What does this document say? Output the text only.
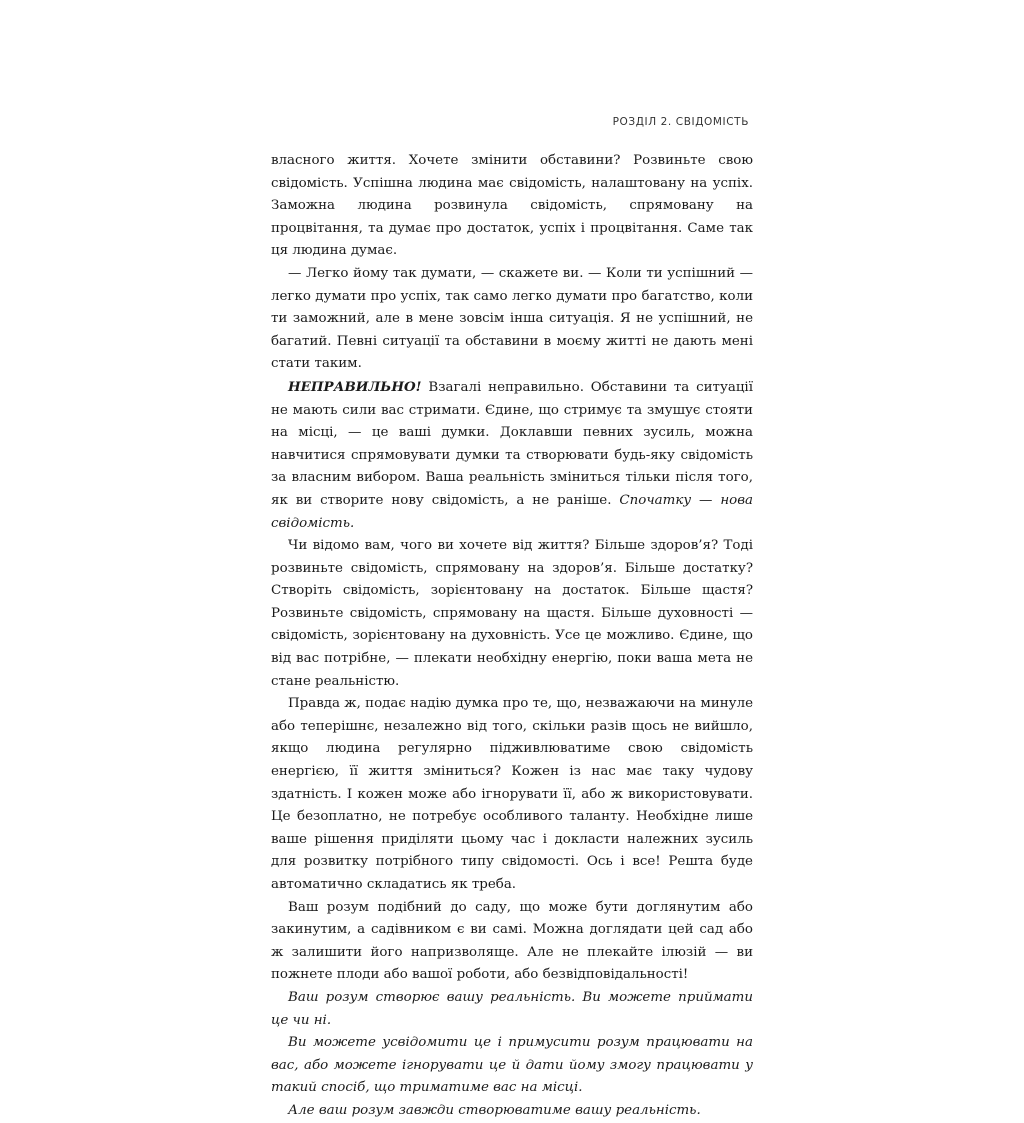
РОЗДІЛ 2. СВІДОМІСТЬ

власного життя. Хочете змінити обставини? Розвиньте свою свідомість. Успішна людина має свідомість, налаштовану на успіх. Заможна людина розвинула свідомість, спрямовану на процвітання, та думає про достаток, успіх і процвітання. Саме так ця людина думає.

— Легко йому так думати, — скажете ви. — Коли ти успішний — легко думати про успіх, так само легко думати про багатство, коли ти заможний, але в мене зовсім інша ситуація. Я не успішний, не багатий. Певні ситуації та обставини в моєму житті не дають мені стати таким.

НЕПРАВИЛЬНО! Взагалі неправильно. Обставини та ситуації не мають сили вас стримати. Єдине, що стримує та змушує стояти на місці, — це ваші думки. Доклавши певних зусиль, можна навчитися спрямовувати думки та створювати будь-яку свідомість за власним вибором. Ваша реальність зміниться тільки після того, як ви створите нову свідомість, а не раніше. Спочатку — нова свідомість.

Чи відомо вам, чого ви хочете від життя? Більше здоров’я? Тоді розвиньте свідомість, спрямовану на здоров’я. Більше достатку? Створіть свідомість, зорієнтовану на достаток. Більше щастя? Розвиньте свідомість, спрямовану на щастя. Більше духовності — свідомість, зорієнтовану на духовність. Усе це можливо. Єдине, що від вас потрібне, — плекати необхідну енергію, поки ваша мета не стане реальністю.

Правда ж, подає надію думка про те, що, незважаючи на минуле або теперішнє, незалежно від того, скільки разів щось не вийшло, якщо людина регулярно підживлюватиме свою свідомість енергією, її життя зміниться? Кожен із нас має таку чудову здатність. І кожен може або ігнорувати її, або ж використовувати. Це безоплатно, не потребує особливого таланту. Необхідне лише ваше рішення приділяти цьому час і докласти належних зусиль для розвитку потрібного типу свідомості. Ось і все! Решта буде автоматично складатись як треба.

Ваш розум подібний до саду, що може бути доглянутим або закинутим, а садівником є ви самі. Можна доглядати цей сад або ж залишити його напризволяще. Але не плекайте ілюзій — ви пожнете плоди або вашої роботи, або безвідповідальності!

Ваш розум створює вашу реальність. Ви можете приймати це чи ні.

Ви можете усвідомити це і примусити розум працювати на вас, або можете ігнорувати це й дати йому змогу працювати у такий спосіб, що триматиме вас на місці.

Але ваш розум завжди створюватиме вашу реальність.
